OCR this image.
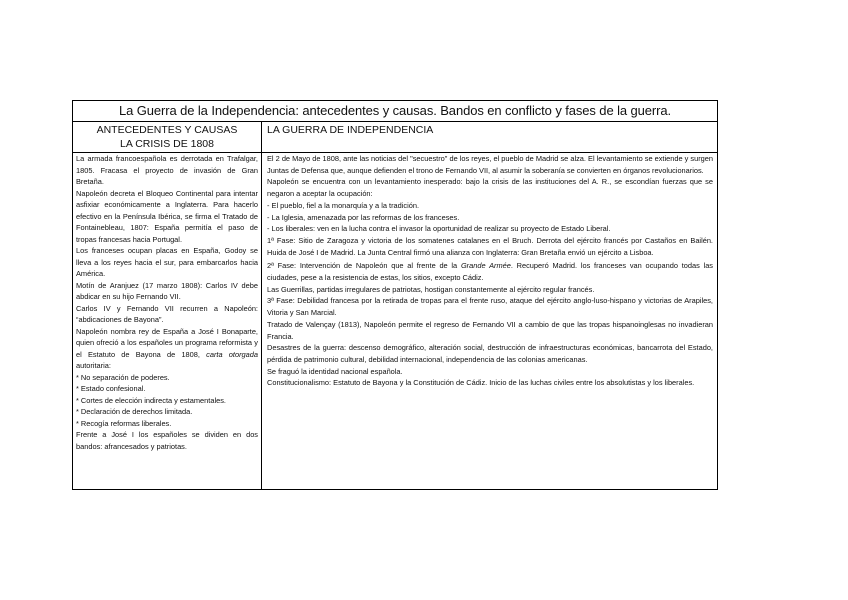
La Guerra de la Independencia: antecedentes y causas. Bandos en conflicto y fases de la guerra.
ANTECEDENTES Y CAUSAS
LA CRISIS DE 1808
LA GUERRA DE INDEPENDENCIA

La armada francoespañola es derrotada en Trafalgar, 1805. Fracasa el proyecto de invasión de Gran Bretaña.

Napoleón decreta el Bloqueo Continental para intentar asfixiar económicamente a Inglaterra. Para hacerlo efectivo en la Península Ibérica, se firma el Tratado de Fontainebleau, 1807: España permitía el paso de tropas francesas hacia Portugal.

Los franceses ocupan placas en España, Godoy se lleva a los reyes hacia el sur, para embarcarlos hacia América.

Motín de Aranjuez (17 marzo 1808): Carlos IV debe abdicar en su hijo Fernando VII.

Carlos IV y Fernando VII recurren a Napoleón: “abdicaciones de Bayona”.

Napoleón nombra rey de España a José I Bonaparte, quien ofreció a los españoles un programa reformista y el Estatuto de Bayona de 1808, carta otorgada autoritaria:

* No separación de poderes.

* Estado confesional.

* Cortes de elección indirecta y estamentales.

* Declaración de derechos limitada.

* Recogía reformas liberales.

Frente a José I los españoles se dividen en dos bandos: afrancesados y patriotas.

El 2 de Mayo de 1808, ante las noticias del "secuestro" de los reyes, el pueblo de Madrid se alza. El levantamiento se extiende y surgen Juntas de Defensa que, aunque defienden el trono de Fernando VII, al asumir la soberanía se convierten en órganos revolucionarios.

Napoleón se encuentra con un levantamiento inesperado: bajo la crisis de las instituciones del A. R., se escondían fuerzas que se negaron a aceptar la ocupación:

- El pueblo, fiel a la monarquía y a la tradición.

- La Iglesia, amenazada por las reformas de los franceses.

- Los liberales: ven en la lucha contra el invasor la oportunidad de realizar su proyecto de Estado Liberal.

1ª Fase: Sitio de Zaragoza y victoria de los somatenes catalanes en el Bruch. Derrota del ejército francés por Castaños en Bailén. Huida de José I de Madrid. La Junta Central firmó una alianza con Inglaterra: Gran Bretaña envió un ejército a Lisboa.

2ª Fase: Intervención de Napoleón que al frente de la Grande Armée. Recuperó Madrid. los franceses van ocupando todas las ciudades, pese a la resistencia de estas, los sitios, excepto Cádiz.

Las Guerrillas, partidas irregulares de patriotas, hostigan constantemente al ejército regular francés.

3ª Fase: Debilidad francesa por la retirada de tropas para el frente ruso, ataque del ejército anglo-luso-hispano y victorias de Arapiles, Vitoria y San Marcial.

Tratado de Valençay (1813), Napoleón permite el regreso de Fernando VII a cambio de que las tropas hispanoinglesas no invadieran Francia.

Desastres de la guerra: descenso demográfico, alteración social, destrucción de infraestructuras económicas, bancarrota del Estado, pérdida de patrimonio cultural, debilidad internacional, independencia de las colonias americanas.

Se fraguó la identidad nacional española.

Constitucionalismo: Estatuto de Bayona y la Constitución de Cádiz. Inicio de las luchas civiles entre los absolutistas y los liberales.
